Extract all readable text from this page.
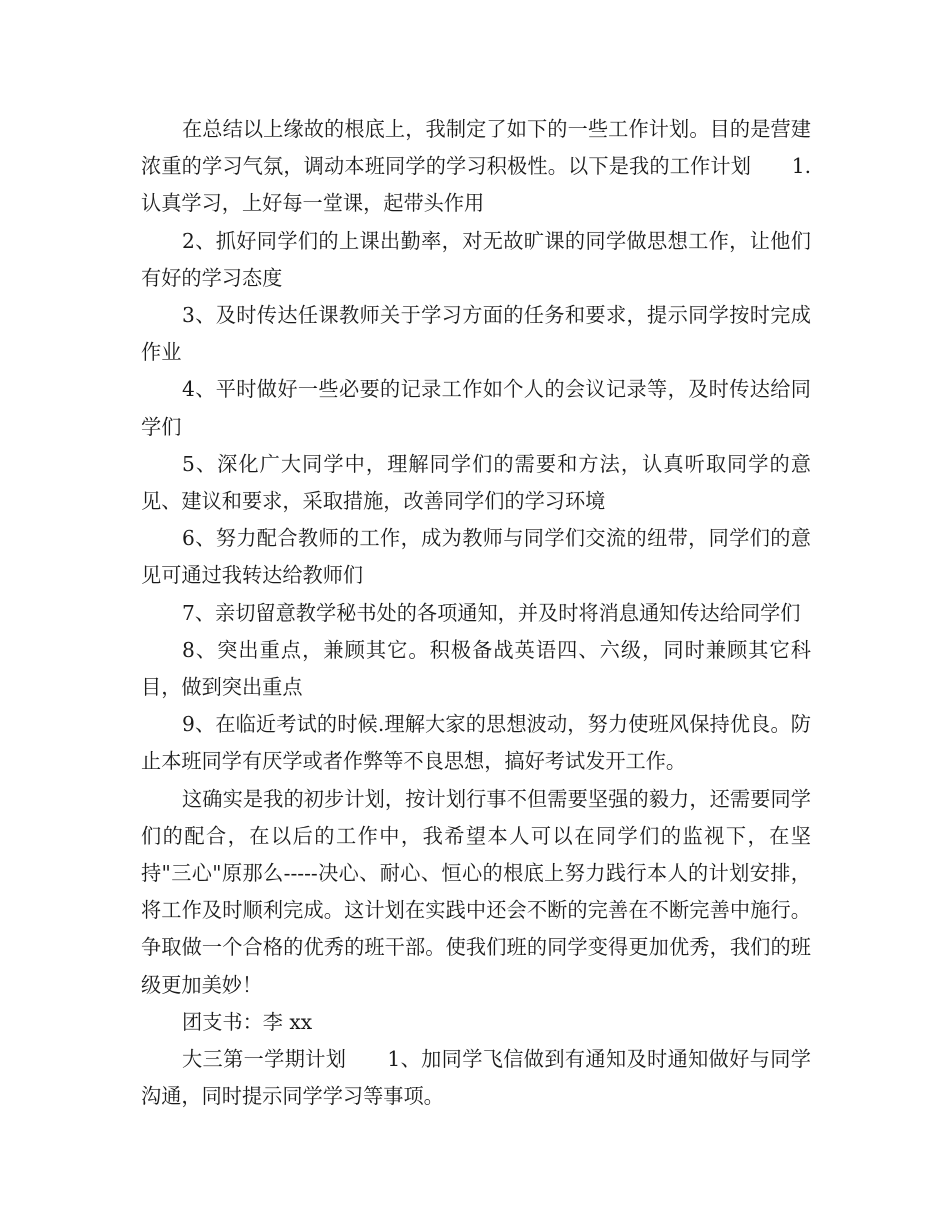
在总结以上缘故的根底上，我制定了如下的一些工作计划。目的是营建浓重的学习气氛，调动本班同学的学习积极性。以下是我的工作计划　　1.认真学习，上好每一堂课，起带头作用

2、抓好同学们的上课出勤率，对无故旷课的同学做思想工作，让他们有好的学习态度

3、及时传达任课教师关于学习方面的任务和要求，提示同学按时完成作业

4、平时做好一些必要的记录工作如个人的会议记录等，及时传达给同学们

5、深化广大同学中，理解同学们的需要和方法，认真听取同学的意见、建议和要求，采取措施，改善同学们的学习环境

6、努力配合教师的工作，成为教师与同学们交流的纽带，同学们的意见可通过我转达给教师们

7、亲切留意教学秘书处的各项通知，并及时将消息通知传达给同学们

8、突出重点，兼顾其它。积极备战英语四、六级，同时兼顾其它科目，做到突出重点

9、在临近考试的时候.理解大家的思想波动，努力使班风保持优良。防止本班同学有厌学或者作弊等不良思想，搞好考试发开工作。

这确实是我的初步计划，按计划行事不但需要坚强的毅力，还需要同学们的配合，在以后的工作中，我希望本人可以在同学们的监视下，在坚持"三心"原那么-----决心、耐心、恒心的根底上努力践行本人的计划安排，将工作及时顺利完成。这计划在实践中还会不断的完善在不断完善中施行。争取做一个合格的优秀的班干部。使我们班的同学变得更加优秀，我们的班级更加美妙！

团支书：李 xx

大三第一学期计划　　1、加同学飞信做到有通知及时通知做好与同学沟通，同时提示同学学习等事项。
